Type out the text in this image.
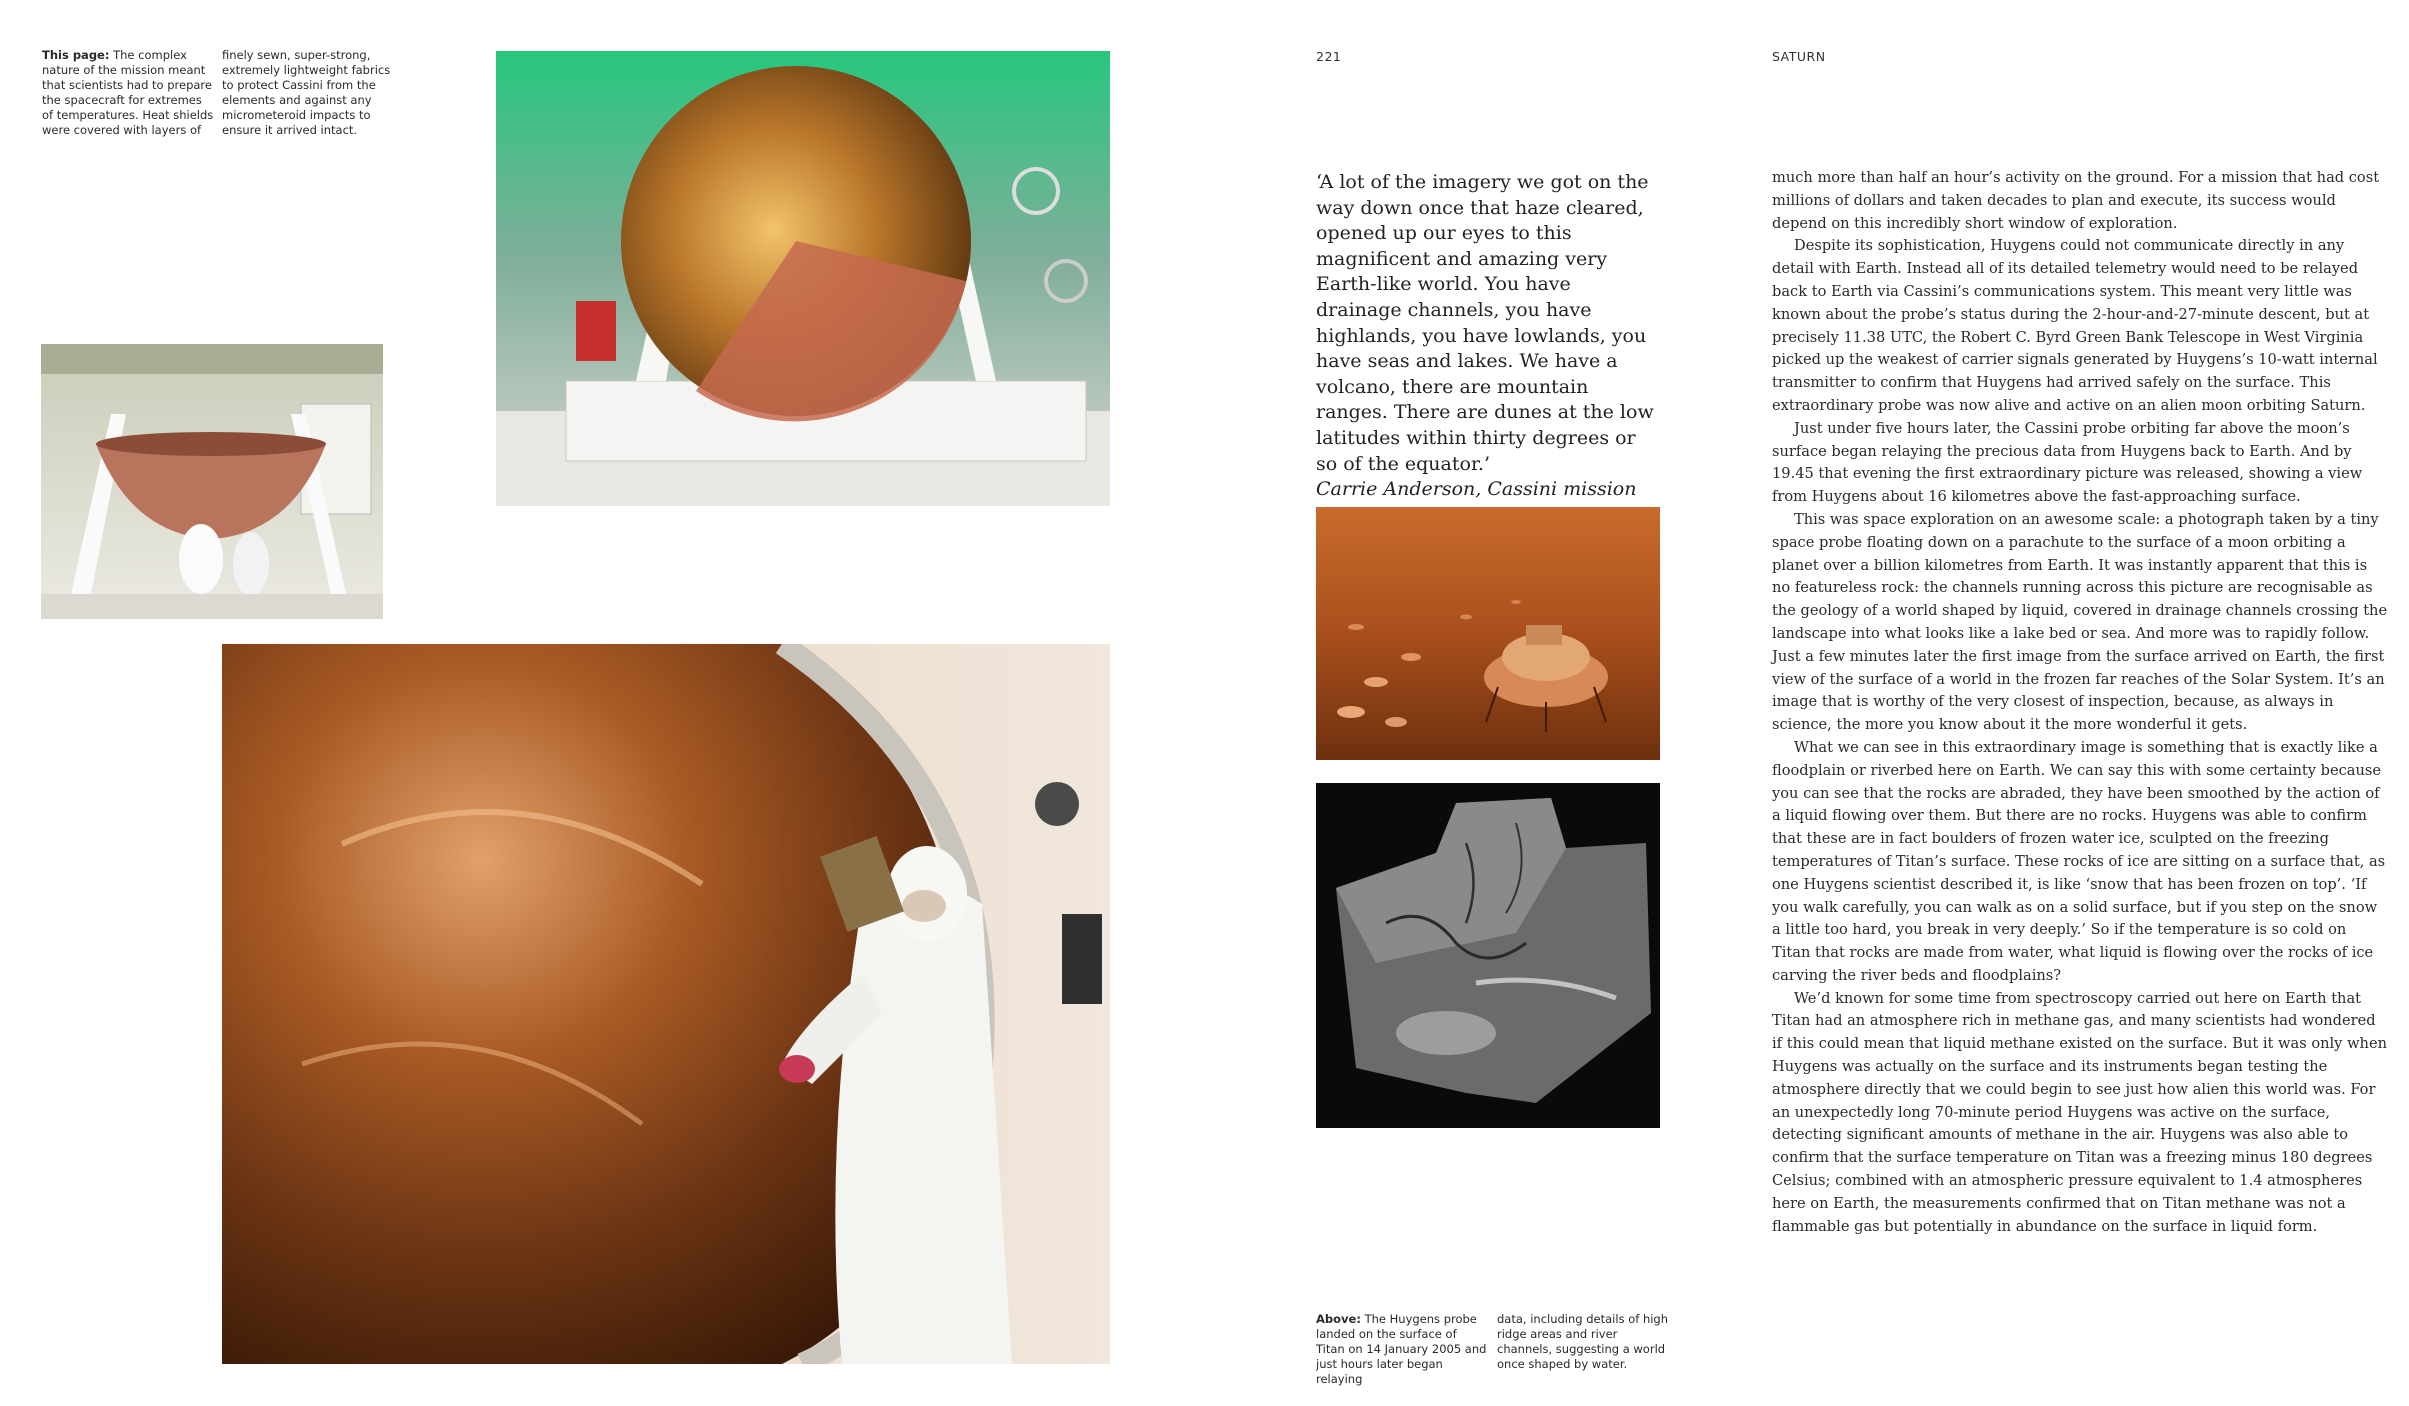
This page: The complex nature of the mission meant that scientists had to prepare the spacecraft for extremes of temperatures. Heat shields were covered with layers of

finely sewn, super-strong, extremely lightweight fabrics to protect Cassini from the elements and against any micrometeroid impacts to ensure it arrived intact.

221	SATURN
‘A lot of the imagery we got on the way down once that haze cleared, opened up our eyes to this magnificent and amazing very Earth-like world. You have drainage channels, you have highlands, you have lowlands, you have seas and lakes. We have a volcano, there are mountain ranges. There are dunes at the low latitudes within thirty degrees or so of the equator.’
Carrie Anderson, Cassini mission

Above: The Huygens probe landed on the surface of Titan on 14 January 2005 and just hours later began relaying

data, including details of high ridge areas and river channels, suggesting a world once shaped by water.

much more than half an hour’s activity on the ground. For a mission that had cost millions of dollars and taken decades to plan and execute, its success would depend on this incredibly short window of exploration.

Despite its sophistication, Huygens could not communicate directly in any detail with Earth. Instead all of its detailed telemetry would need to be relayed back to Earth via Cassini’s communications system. This meant very little was known about the probe’s status during the 2-hour-and-27-minute descent, but at precisely 11.38 UTC, the Robert C. Byrd Green Bank Telescope in West Virginia picked up the weakest of carrier signals generated by Huygens’s 10-watt internal transmitter to confirm that Huygens had arrived safely on the surface. This extraordinary probe was now alive and active on an alien moon orbiting Saturn.

Just under five hours later, the Cassini probe orbiting far above the moon’s surface began relaying the precious data from Huygens back to Earth. And by 19.45 that evening the first extraordinary picture was released, showing a view from Huygens about 16 kilometres above the fast-approaching surface.

This was space exploration on an awesome scale: a photograph taken by a tiny space probe floating down on a parachute to the surface of a moon orbiting a planet over a billion kilometres from Earth. It was instantly apparent that this is no featureless rock: the channels running across this picture are recognisable as the geology of a world shaped by liquid, covered in drainage channels crossing the landscape into what looks like a lake bed or sea. And more was to rapidly follow. Just a few minutes later the first image from the surface arrived on Earth, the first view of the surface of a world in the frozen far reaches of the Solar System. It’s an image that is worthy of the very closest of inspection, because, as always in science, the more you know about it the more wonderful it gets.

What we can see in this extraordinary image is something that is exactly like a floodplain or riverbed here on Earth. We can say this with some certainty because you can see that the rocks are abraded, they have been smoothed by the action of a liquid flowing over them. But there are no rocks. Huygens was able to confirm that these are in fact boulders of frozen water ice, sculpted on the freezing temperatures of Titan’s surface. These rocks of ice are sitting on a surface that, as one Huygens scientist described it, is like ‘snow that has been frozen on top’. ‘If you walk carefully, you can walk as on a solid surface, but if you step on the snow a little too hard, you break in very deeply.’ So if the temperature is so cold on Titan that rocks are made from water, what liquid is flowing over the rocks of ice carving the river beds and floodplains?

We’d known for some time from spectroscopy carried out here on Earth that Titan had an atmosphere rich in methane gas, and many scientists had wondered if this could mean that liquid methane existed on the surface. But it was only when Huygens was actually on the surface and its instruments began testing the atmosphere directly that we could begin to see just how alien this world was. For an unexpectedly long 70-minute period Huygens was active on the surface, detecting significant amounts of methane in the air. Huygens was also able to confirm that the surface temperature on Titan was a freezing minus 180 degrees Celsius; combined with an atmospheric pressure equivalent to 1.4 atmospheres here on Earth, the measurements confirmed that on Titan methane was not a flammable gas but potentially in abundance on the surface in liquid form.
